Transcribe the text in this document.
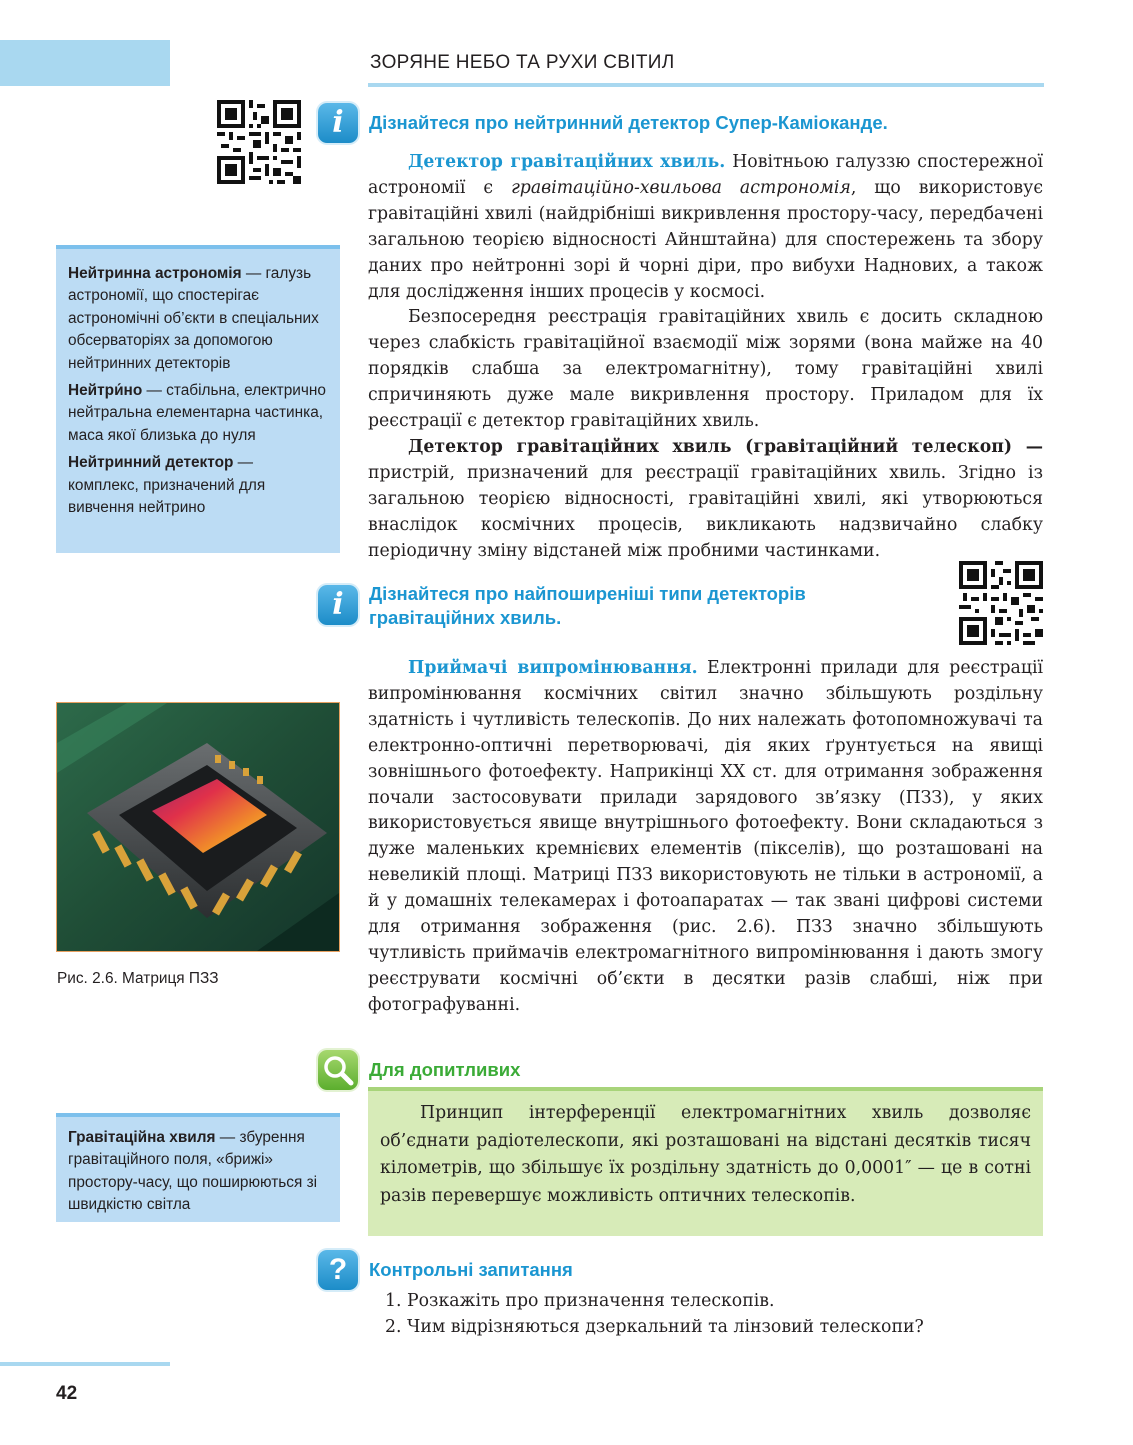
ЗОРЯНЕ НЕБО ТА РУХИ СВІТИЛ
i	Дізнайтеся про нейтринний детектор Супер-Каміоканде.

Детектор гравітаційних хвиль. Новітньою галуззю спостережної астрономії є гравітаційно-хвильова астрономія, що використовує гравітаційні хвилі (найдрібніші викривлення простору-часу, передбачені загальною теорією відносності Айнштайна) для спостережень та збору даних про нейтронні зорі й чорні діри, про вибухи Наднових, а також для дослідження інших процесів у космосі.

Безпосередня реєстрація гравітаційних хвиль є досить складною через слабкість гравітаційної взаємодії між зорями (вона майже на 40 порядків слабша за електромагнітну), тому гравітаційні хвилі спричиняють дуже мале викривлення простору. Приладом для їх реєстрації є детектор гравітаційних хвиль.

Детектор гравітаційних хвиль (гравітаційний телескоп) — пристрій, призначений для реєстрації гравітаційних хвиль. Згідно із загальною теорією відносності, гравітаційні хвилі, які утворюються внаслідок космічних процесів, викликають надзвичайно слабку періодичну зміну відстаней між пробними частинками.

Нейтринна астрономія — галузь астрономії, що спостерігає астрономічні об’єкти в спеціальних обсерваторіях за допомогою нейтринних детекторів

Нейтри́но — стабільна, електрично нейтральна елементарна частинка, маса якої близька до нуля

Нейтринний детектор — комплекс, призначений для вивчення нейтрино

i	Дізнайтеся про найпоширеніші типи детекторів
гравітаційних хвиль.
Рис. 2.6. Матриця ПЗЗ

Приймачі випромінювання. Електронні прилади для реєстрації випромінювання космічних світил значно збільшують роздільну здатність і чутливість телескопів. До них належать фотопомножувачі та електронно-оптичні перетворювачі, дія яких ґрунтується на явищі зовнішнього фотоефекту. Наприкінці XX ст. для отримання зображення почали застосовувати прилади зарядового зв’язку (ПЗЗ), у яких використовується явище внутрішнього фотоефекту. Вони складаються з дуже маленьких кремнієвих елементів (пікселів), що розташовані на невеликій площі. Матриці ПЗЗ використовують не тільки в астрономії, а й у домашніх телекамерах і фотоапаратах — так звані цифрові системи для отримання зображення (рис. 2.6). ПЗЗ значно збільшують чутливість приймачів електромагнітного випромінювання і дають змогу реєструвати космічні об’єкти в десятки разів слабші, ніж при фотографуванні.

Для допитливих

Принцип інтерференції електромагнітних хвиль дозволяє об’єднати радіотелескопи, які розташовані на відстані десятків тисяч кілометрів, що збільшує їх роздільну здатність до 0,0001″ — це в сотні разів перевершує можливість оптичних телескопів.

Гравітаційна хвиля — збурення гравітаційного поля, «брижі» простору-часу, що поширюються зі швидкістю світла

?	Контрольні запитання
1. Розкажіть про призначення телескопів.
2. Чим відрізняються дзеркальний та лінзовий телескопи?
42
